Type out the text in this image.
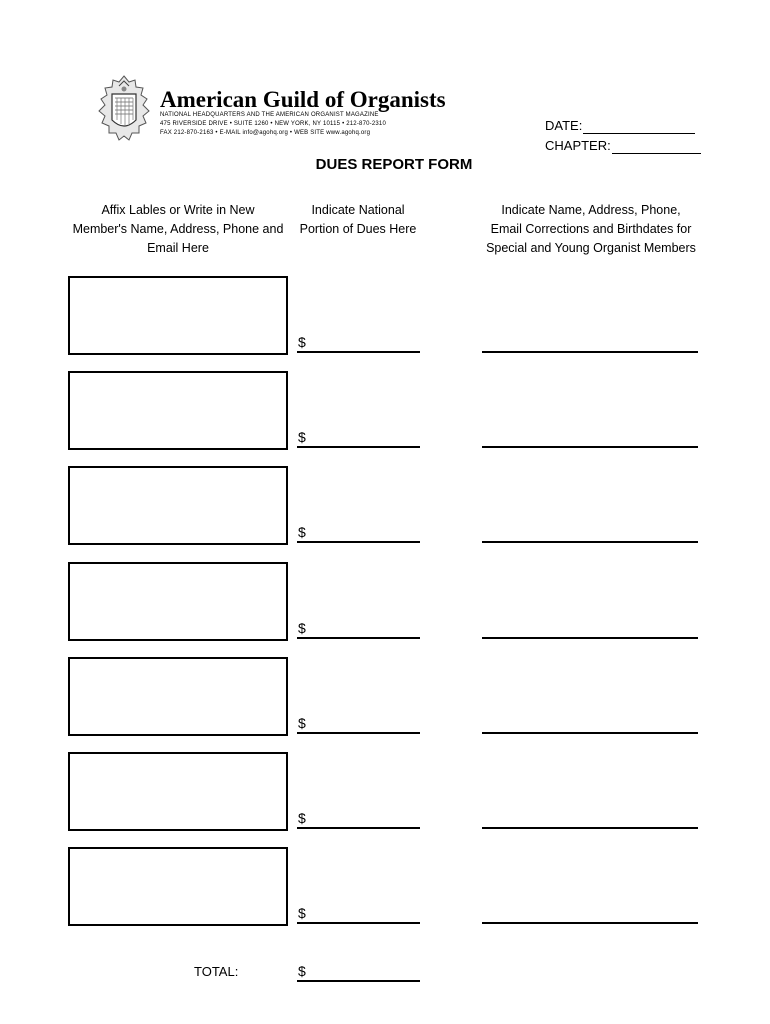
American Guild of Organists
NATIONAL HEADQUARTERS AND THE AMERICAN ORGANIST MAGAZINE
475 RIVERSIDE DRIVE • SUITE 1260 • NEW YORK, NY 10115 • 212-870-2310
FAX 212-870-2163 • E-MAIL info@agohq.org • WEB SITE www.agohq.org	DATE:
CHAPTER:
DUES REPORT FORM
Affix Lables or Write in New
Member's Name, Address, Phone and
Email Here
Indicate National
Portion of Dues Here
Indicate Name, Address, Phone,
Email Corrections and Birthdates for
Special and Young Organist Members
$
$
$
$
$
$
$
TOTAL:	$
